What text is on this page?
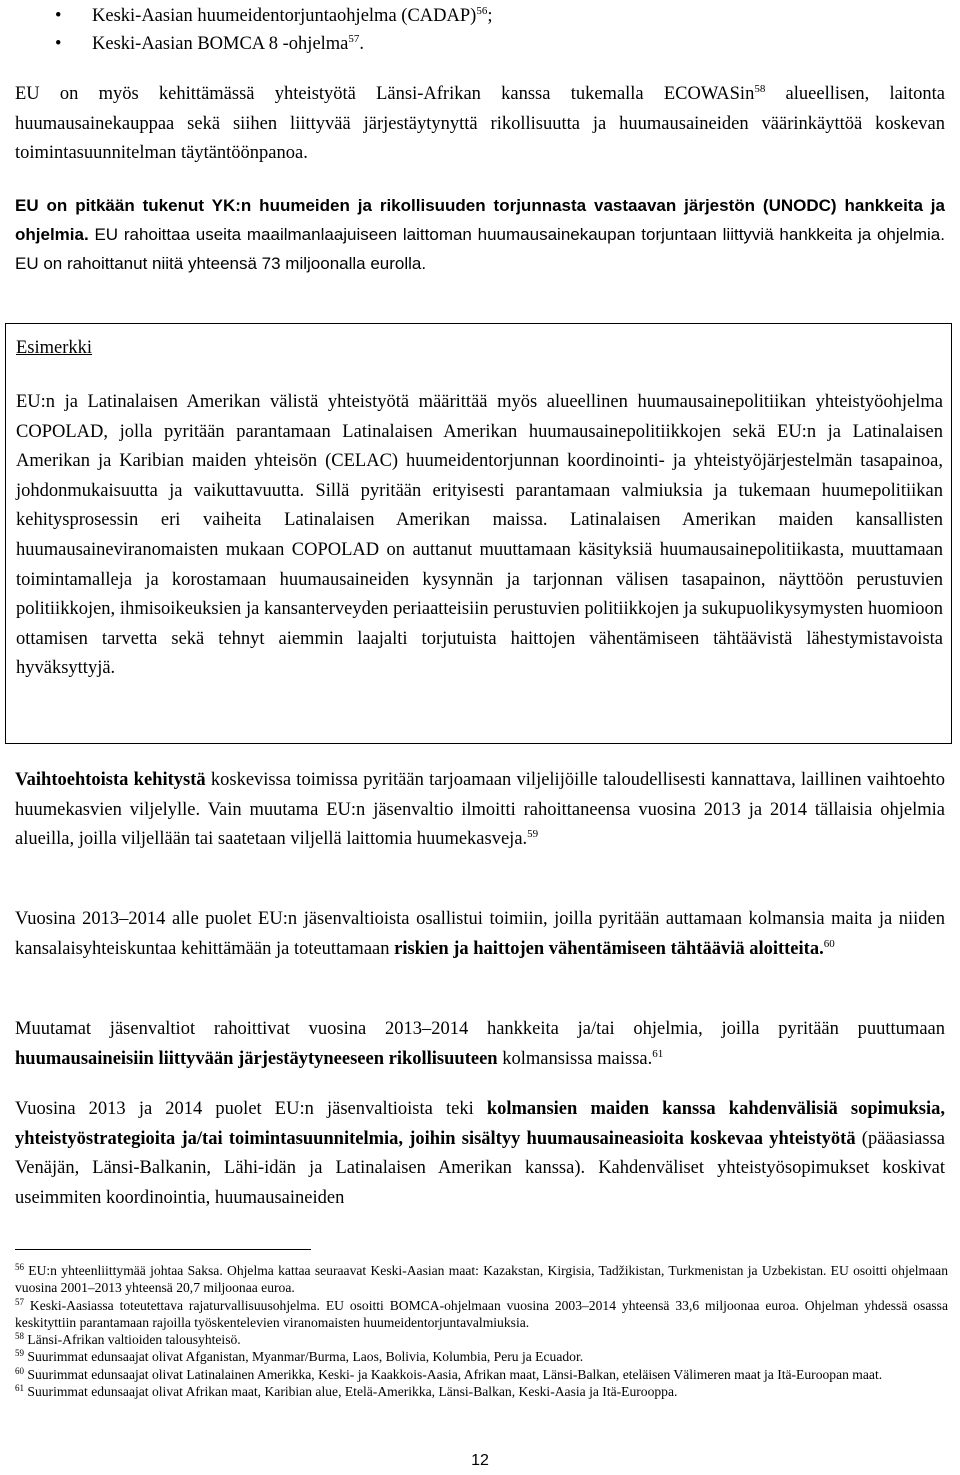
• Keski-Aasian huumeidentorjuntaohjelma (CADAP)$^{56}$;
• Keski-Aasian BOMCA 8 -ohjelma$^{57}$.

EU on myös kehittämässä yhteistyötä Länsi-Afrikan kanssa tukemalla ECOWASin$^{58}$ alueellisen, laitonta huumausainekauppaa sekä siihen liittyvää järjestäytynyttä rikollisuutta ja huumausaineiden väärinkäyttöä koskevan toimintasuunnitelman täytäntöönpanoa.

EU on pitkään tukenut YK:n huumeiden ja rikollisuuden torjunnasta vastaavan järjestön (UNODC) hankkeita ja ohjelmia. EU rahoittaa useita maailmanlaajuiseen laittoman huumausainekaupan torjuntaan liittyviä hankkeita ja ohjelmia. EU on rahoittanut niitä yhteensä 73 miljoonalla eurolla.

Esimerkki
EU:n ja Latinalaisen Amerikan välistä yhteistyötä määrittää myös alueellinen huumausainepolitiikan yhteistyöohjelma COPOLAD, jolla pyritään parantamaan Latinalaisen Amerikan huumausainepolitiikkojen sekä EU:n ja Latinalaisen Amerikan ja Karibian maiden yhteisön (CELAC) huumeidentorjunnan koordinointi- ja yhteistyöjärjestelmän tasapainoa, johdonmukaisuutta ja vaikuttavuutta. Sillä pyritään erityisesti parantamaan valmiuksia ja tukemaan huumepolitiikan kehitysprosessin eri vaiheita Latinalaisen Amerikan maissa. Latinalaisen Amerikan maiden kansallisten huumausaineviranomaisten mukaan COPOLAD on auttanut muuttamaan käsityksiä huumausainepolitiikasta, muuttamaan toimintamalleja ja korostamaan huumausaineiden kysynnän ja tarjonnan välisen tasapainon, näyttöön perustuvien politiikkojen, ihmisoikeuksien ja kansanterveyden periaatteisiin perustuvien politiikkojen ja sukupuolikysymysten huomioon ottamisen tarvetta sekä tehnyt aiemmin laajalti torjutuista haittojen vähentämiseen tähtäävistä lähestymistavoista hyväksyttyjä.

Vaihtoehtoista kehitystä koskevissa toimissa pyritään tarjoamaan viljelijöille taloudellisesti kannattava, laillinen vaihtoehto huumekasvien viljelylle. Vain muutama EU:n jäsenvaltio ilmoitti rahoittaneensa vuosina 2013 ja 2014 tällaisia ohjelmia alueilla, joilla viljellään tai saatetaan viljellä laittomia huumekasveja.$^{59}$

Vuosina 2013–2014 alle puolet EU:n jäsenvaltioista osallistui toimiin, joilla pyritään auttamaan kolmansia maita ja niiden kansalaisyhteiskuntaa kehittämään ja toteuttamaan riskien ja haittojen vähentämiseen tähtääviä aloitteita.$^{60}$

Muutamat jäsenvaltiot rahoittivat vuosina 2013–2014 hankkeita ja/tai ohjelmia, joilla pyritään puuttumaan huumausaineisiin liittyvään järjestäytyneeseen rikollisuuteen kolmansissa maissa.$^{61}$

Vuosina 2013 ja 2014 puolet EU:n jäsenvaltioista teki kolmansien maiden kanssa kahdenvälisiä sopimuksia, yhteistyöstrategioita ja/tai toimintasuunnitelmia, joihin sisältyy huumausaineasioita koskevaa yhteistyötä (pääasiassa Venäjän, Länsi-Balkanin, Lähi-idän ja Latinalaisen Amerikan kanssa). Kahdenväliset yhteistyösopimukset koskivat useimmiten koordinointia, huumausaineiden

$^{56}$ EU:n yhteenliittymää johtaa Saksa. Ohjelma kattaa seuraavat Keski-Aasian maat: Kazakstan, Kirgisia, Tadžikistan, Turkmenistan ja Uzbekistan. EU osoitti ohjelmaan vuosina 2001–2013 yhteensä 20,7 miljoonaa euroa.

$^{57}$ Keski-Aasiassa toteutettava rajaturvallisuusohjelma. EU osoitti BOMCA-ohjelmaan vuosina 2003–2014 yhteensä 33,6 miljoonaa euroa. Ohjelman yhdessä osassa keskityttiin parantamaan rajoilla työskentelevien viranomaisten huumeidentorjuntavalmiuksia.

$^{58}$ Länsi-Afrikan valtioiden talousyhteisö.

$^{59}$ Suurimmat edunsaajat olivat Afganistan, Myanmar/Burma, Laos, Bolivia, Kolumbia, Peru ja Ecuador.

$^{60}$ Suurimmat edunsaajat olivat Latinalainen Amerikka, Keski- ja Kaakkois-Aasia, Afrikan maat, Länsi-Balkan, eteläisen Välimeren maat ja Itä-Euroopan maat.

$^{61}$ Suurimmat edunsaajat olivat Afrikan maat, Karibian alue, Etelä-Amerikka, Länsi-Balkan, Keski-Aasia ja Itä-Eurooppa.

12
